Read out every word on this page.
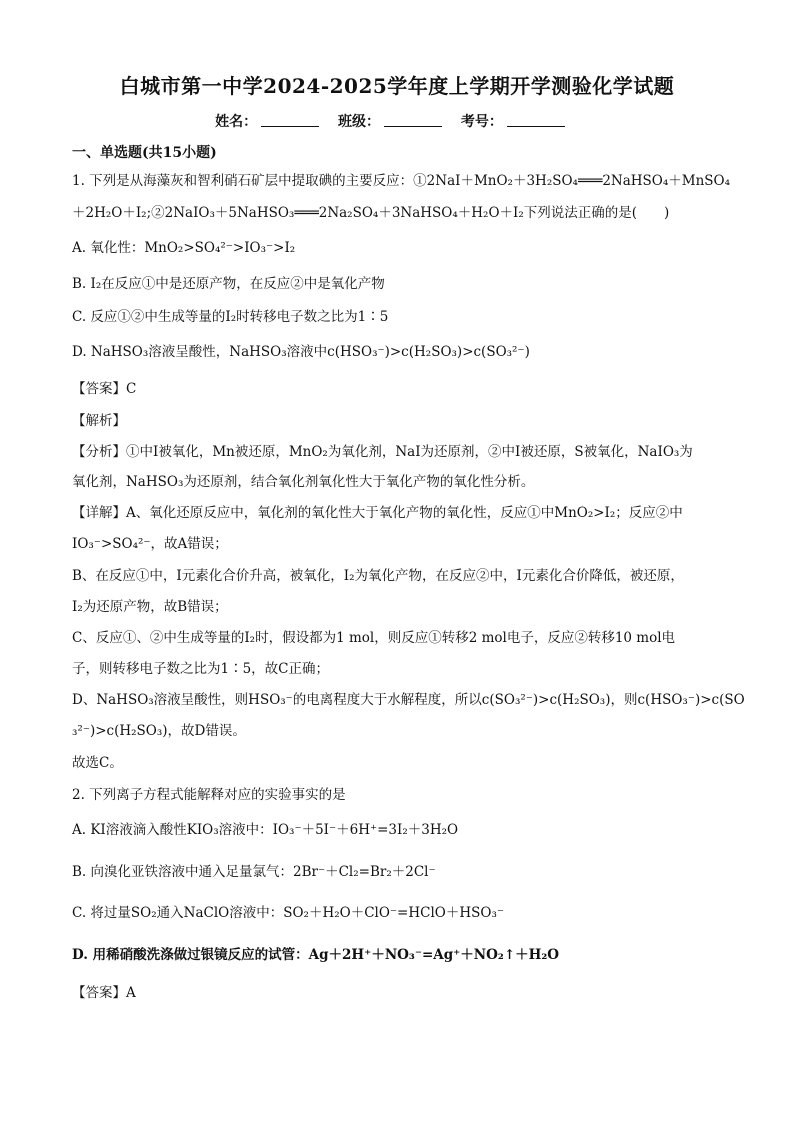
白城市第一中学2024-2025学年度上学期开学测验化学试题
姓名：	班级：	考号：
一、单选题(共15小题)
1. 下列是从海藻灰和智利硝石矿层中提取碘的主要反应：①2NaI＋MnO₂＋3H₂SO₄═══2NaHSO₄＋MnSO₄
＋2H₂O＋I₂;②2NaIO₃＋5NaHSO₃═══2Na₂SO₄＋3NaHSO₄＋H₂O＋I₂下列说法正确的是(　　)
A. 氧化性：MnO₂>SO₄²⁻>IO₃⁻>I₂
B. I₂在反应①中是还原产物，在反应②中是氧化产物
C. 反应①②中生成等量的I₂时转移电子数之比为1∶5
D. NaHSO₃溶液呈酸性，NaHSO₃溶液中c(HSO₃⁻)>c(H₂SO₃)>c(SO₃²⁻)
【答案】C
【解析】
【分析】①中I被氧化，Mn被还原，MnO₂为氧化剂，NaI为还原剂，②中I被还原，S被氧化，NaIO₃为
氧化剂，NaHSO₃为还原剂，结合氧化剂氧化性大于氧化产物的氧化性分析。
【详解】A、氧化还原反应中，氧化剂的氧化性大于氧化产物的氧化性，反应①中MnO₂>I₂；反应②中
IO₃⁻>SO₄²⁻，故A错误；
B、在反应①中，I元素化合价升高，被氧化，I₂为氧化产物，在反应②中，I元素化合价降低，被还原，
I₂为还原产物，故B错误；
C、反应①、②中生成等量的I₂时，假设都为1 mol，则反应①转移2 mol电子，反应②转移10 mol电
子，则转移电子数之比为1∶5，故C正确；
D、NaHSO₃溶液呈酸性，则HSO₃⁻的电离程度大于水解程度，所以c(SO₃²⁻)>c(H₂SO₃)，则c(HSO₃⁻)>c(SO
₃²⁻)>c(H₂SO₃)，故D错误。
故选C。
2. 下列离子方程式能解释对应的实验事实的是
A. KI溶液滴入酸性KIO₃溶液中：IO₃⁻＋5I⁻＋6H⁺=3I₂＋3H₂O
B. 向溴化亚铁溶液中通入足量氯气：2Br⁻＋Cl₂=Br₂＋2Cl⁻
C. 将过量SO₂通入NaClO溶液中：SO₂＋H₂O＋ClO⁻=HClO＋HSO₃⁻
D. 用稀硝酸洗涤做过银镜反应的试管：Ag＋2H⁺＋NO₃⁻=Ag⁺＋NO₂↑＋H₂O
【答案】A
